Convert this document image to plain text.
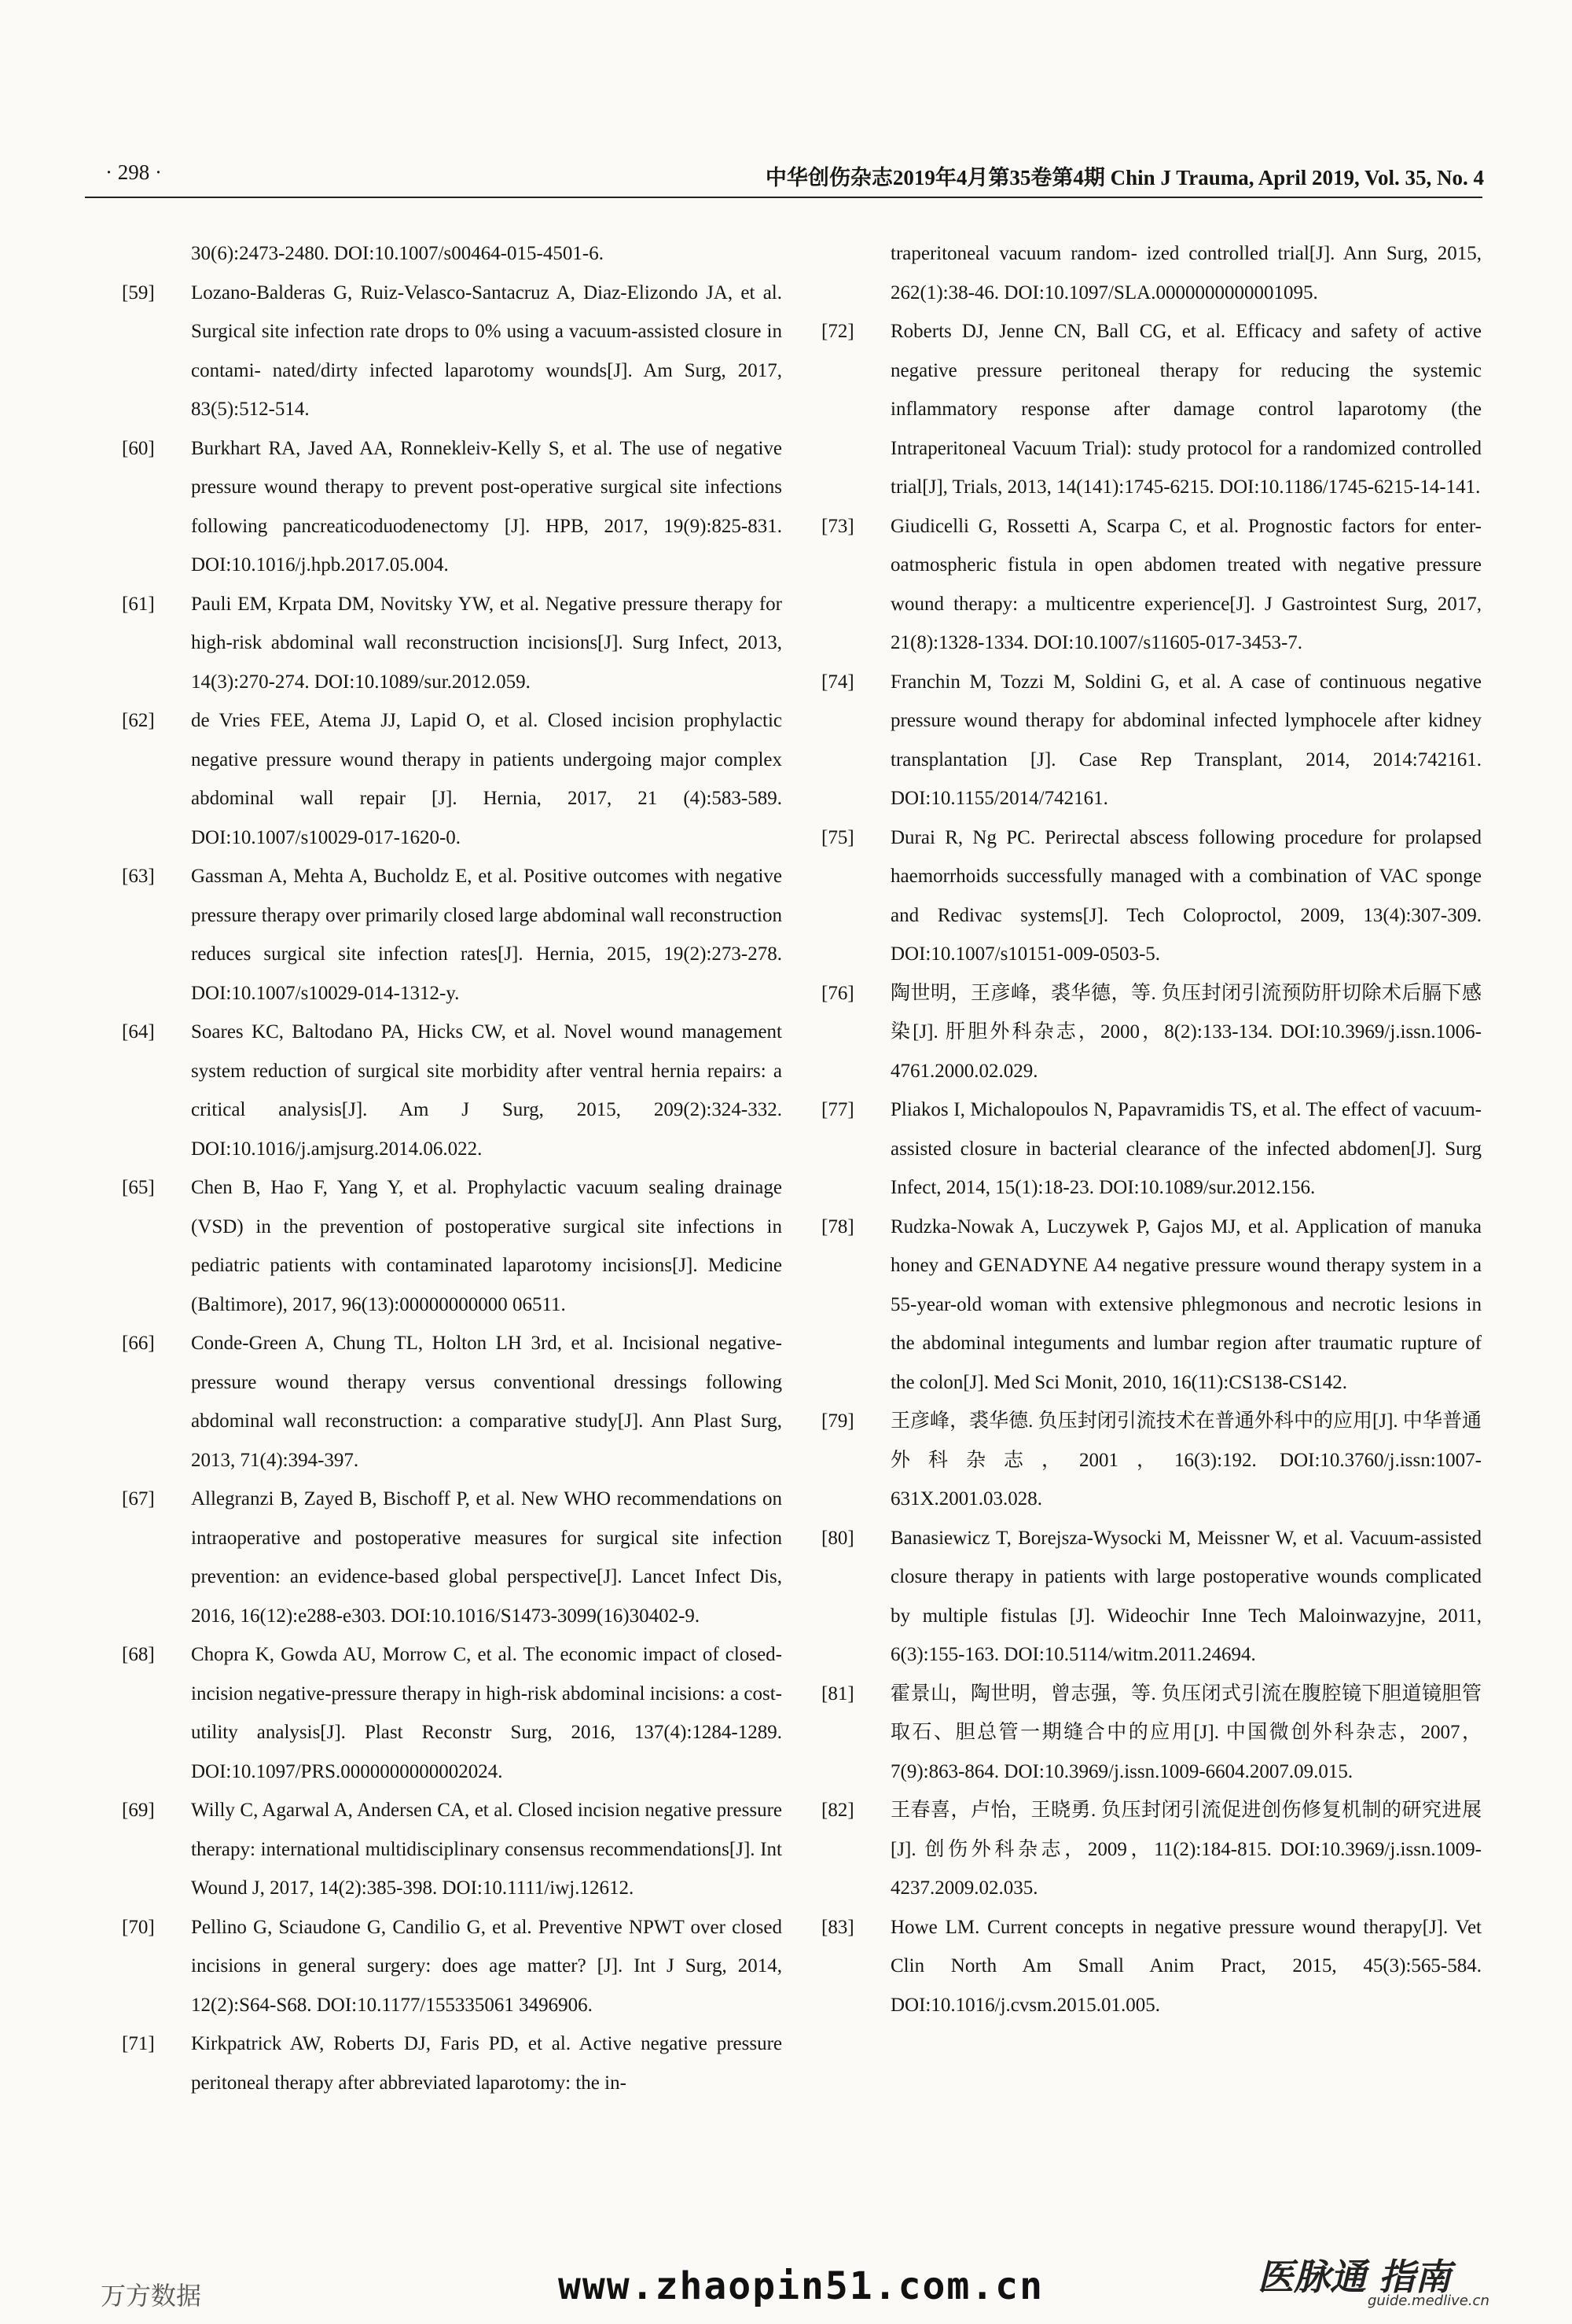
· 298 ·	中华创伤杂志2019年4月第35卷第4期 Chin J Trauma, April 2019, Vol. 35, No. 4
30(6):2473-2480. DOI:10.1007/s00464-015-4501-6.
[59] Lozano-Balderas G, Ruiz-Velasco-Santacruz A, Diaz-Elizondo JA, et al. Surgical site infection rate drops to 0% using a vacuum-assisted closure in contami- nated/dirty infected laparotomy wounds[J]. Am Surg, 2017, 83(5):512-514.
[60] Burkhart RA, Javed AA, Ronnekleiv-Kelly S, et al. The use of negative pressure wound therapy to prevent post-operative surgical site infections following pancreaticoduodenectomy [J]. HPB, 2017, 19(9):825-831. DOI:10.1016/j.hpb.2017.05.004.
[61] Pauli EM, Krpata DM, Novitsky YW, et al. Negative pressure therapy for high-risk abdominal wall reconstruction incisions[J]. Surg Infect, 2013, 14(3):270-274. DOI:10.1089/sur.2012.059.
[62] de Vries FEE, Atema JJ, Lapid O, et al. Closed incision prophylactic negative pressure wound therapy in patients undergoing major complex abdominal wall repair [J]. Hernia, 2017, 21 (4):583-589. DOI:10.1007/s10029-017-1620-0.
[63] Gassman A, Mehta A, Bucholdz E, et al. Positive outcomes with negative pressure therapy over primarily closed large abdominal wall reconstruction reduces surgical site infection rates[J]. Hernia, 2015, 19(2):273-278. DOI:10.1007/s10029-014-1312-y.
[64] Soares KC, Baltodano PA, Hicks CW, et al. Novel wound management system reduction of surgical site morbidity after ventral hernia repairs: a critical analysis[J]. Am J Surg, 2015, 209(2):324-332. DOI:10.1016/j.amjsurg.2014.06.022.
[65] Chen B, Hao F, Yang Y, et al. Prophylactic vacuum sealing drainage (VSD) in the prevention of postoperative surgical site infections in pediatric patients with contaminated laparotomy incisions[J]. Medicine (Baltimore), 2017, 96(13):00000000000 06511.
[66] Conde-Green A, Chung TL, Holton LH 3rd, et al. Incisional negative-pressure wound therapy versus conventional dressings following abdominal wall reconstruction: a comparative study[J]. Ann Plast Surg, 2013, 71(4):394-397.
[67] Allegranzi B, Zayed B, Bischoff P, et al. New WHO recommendations on intraoperative and postoperative measures for surgical site infection prevention: an evidence-based global perspective[J]. Lancet Infect Dis, 2016, 16(12):e288-e303. DOI:10.1016/S1473-3099(16)30402-9.
[68] Chopra K, Gowda AU, Morrow C, et al. The economic impact of closed-incision negative-pressure therapy in high-risk abdominal incisions: a cost-utility analysis[J]. Plast Reconstr Surg, 2016, 137(4):1284-1289. DOI:10.1097/PRS.0000000000002024.
[69] Willy C, Agarwal A, Andersen CA, et al. Closed incision negative pressure therapy: international multidisciplinary consensus recommendations[J]. Int Wound J, 2017, 14(2):385-398. DOI:10.1111/iwj.12612.
[70] Pellino G, Sciaudone G, Candilio G, et al. Preventive NPWT over closed incisions in general surgery: does age matter? [J]. Int J Surg, 2014, 12(2):S64-S68. DOI:10.1177/155335061 3496906.
[71] Kirkpatrick AW, Roberts DJ, Faris PD, et al. Active negative pressure peritoneal therapy after abbreviated laparotomy: the in-
traperitoneal vacuum random- ized controlled trial[J]. Ann Surg, 2015, 262(1):38-46. DOI:10.1097/SLA.0000000000001095.
[72] Roberts DJ, Jenne CN, Ball CG, et al. Efficacy and safety of active negative pressure peritoneal therapy for reducing the systemic inflammatory response after damage control laparotomy (the Intraperitoneal Vacuum Trial): study protocol for a randomized controlled trial[J], Trials, 2013, 14(141):1745-6215. DOI:10.1186/1745-6215-14-141.
[73] Giudicelli G, Rossetti A, Scarpa C, et al. Prognostic factors for enter- oatmospheric fistula in open abdomen treated with negative pressure wound therapy: a multicentre experience[J]. J Gastrointest Surg, 2017, 21(8):1328-1334. DOI:10.1007/s11605-017-3453-7.
[74] Franchin M, Tozzi M, Soldini G, et al. A case of continuous negative pressure wound therapy for abdominal infected lymphocele after kidney transplantation [J]. Case Rep Transplant, 2014, 2014:742161. DOI:10.1155/2014/742161.
[75] Durai R, Ng PC. Perirectal abscess following procedure for prolapsed haemorrhoids successfully managed with a combination of VAC sponge and Redivac systems[J]. Tech Coloproctol, 2009, 13(4):307-309. DOI:10.1007/s10151-009-0503-5.
[76] 陶世明，王彦峰，裘华德，等. 负压封闭引流预防肝切除术后膈下感染[J]. 肝胆外科杂志，2000，8(2):133-134. DOI:10.3969/j.issn.1006-4761.2000.02.029.
[77] Pliakos I, Michalopoulos N, Papavramidis TS, et al. The effect of vacuum-assisted closure in bacterial clearance of the infected abdomen[J]. Surg Infect, 2014, 15(1):18-23. DOI:10.1089/sur.2012.156.
[78] Rudzka-Nowak A, Luczywek P, Gajos MJ, et al. Application of manuka honey and GENADYNE A4 negative pressure wound therapy system in a 55-year-old woman with extensive phlegmonous and necrotic lesions in the abdominal integuments and lumbar region after traumatic rupture of the colon[J]. Med Sci Monit, 2010, 16(11):CS138-CS142.
[79] 王彦峰，裘华德. 负压封闭引流技术在普通外科中的应用[J]. 中华普通外科杂志，2001，16(3):192. DOI:10.3760/j.issn:1007-631X.2001.03.028.
[80] Banasiewicz T, Borejsza-Wysocki M, Meissner W, et al. Vacuum-assisted closure therapy in patients with large postoperative wounds complicated by multiple fistulas [J]. Wideochir Inne Tech Maloinwazyjne, 2011, 6(3):155-163. DOI:10.5114/witm.2011.24694.
[81] 霍景山，陶世明，曾志强，等. 负压闭式引流在腹腔镜下胆道镜胆管取石、胆总管一期缝合中的应用[J]. 中国微创外科杂志，2007，7(9):863-864. DOI:10.3969/j.issn.1009-6604.2007.09.015.
[82] 王春喜，卢怡，王晓勇. 负压封闭引流促进创伤修复机制的研究进展[J]. 创伤外科杂志，2009，11(2):184-815. DOI:10.3969/j.issn.1009-4237.2009.02.035.
[83] Howe LM. Current concepts in negative pressure wound therapy[J]. Vet Clin North Am Small Anim Pract, 2015, 45(3):565-584. DOI:10.1016/j.cvsm.2015.01.005.
万方数据	www.zhaopin51.com.cn	医脉通 指南
guide.medlive.cn
